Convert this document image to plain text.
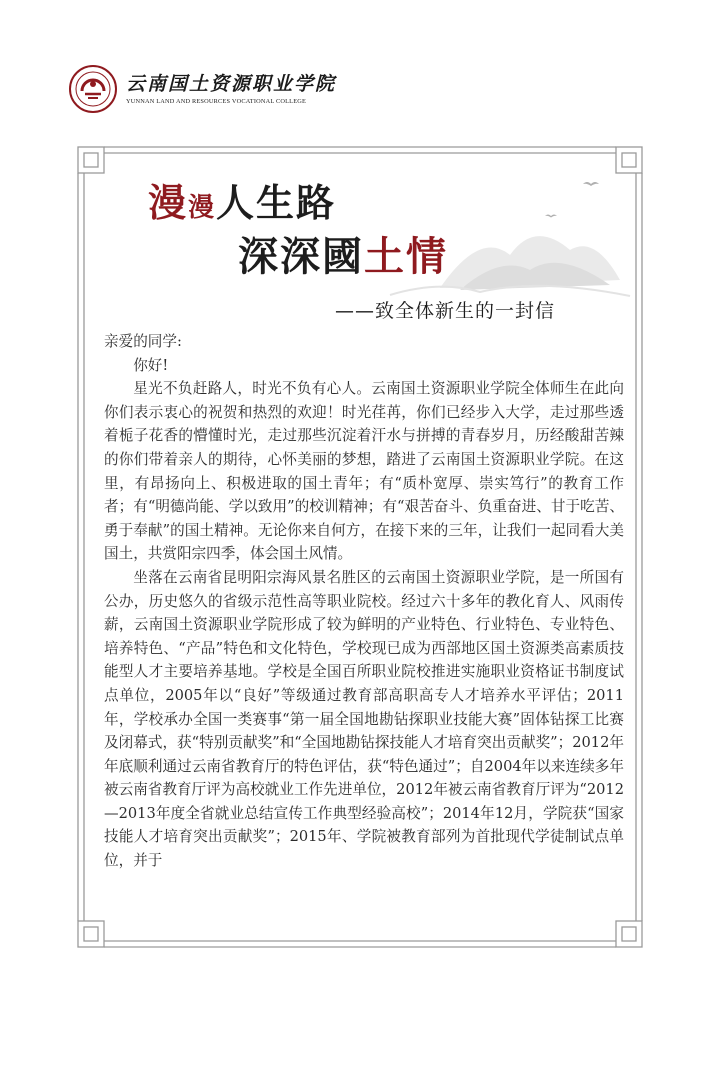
云南国土资源职业学院
YUNNAN LAND AND RESOURCES VOCATIONAL COLLEGE
漫漫人生路
深深國土情
——致全体新生的一封信

亲爱的同学:

你好!

星光不负赶路人，时光不负有心人。云南国土资源职业学院全体师生在此向你们表示衷心的祝贺和热烈的欢迎！时光荏苒，你们已经步入大学，走过那些透着栀子花香的懵懂时光，走过那些沉淀着汗水与拼搏的青春岁月，历经酸甜苦辣的你们带着亲人的期待，心怀美丽的梦想，踏进了云南国土资源职业学院。在这里，有昂扬向上、积极进取的国土青年；有“质朴宽厚、崇实笃行”的教育工作者；有“明德尚能、学以致用”的校训精神；有“艰苦奋斗、负重奋进、甘于吃苦、勇于奉献”的国土精神。无论你来自何方，在接下来的三年，让我们一起同看大美国土，共赏阳宗四季，体会国土风情。

坐落在云南省昆明阳宗海风景名胜区的云南国土资源职业学院，是一所国有公办，历史悠久的省级示范性高等职业院校。经过六十多年的教化育人、风雨传薪，云南国土资源职业学院形成了较为鲜明的产业特色、行业特色、专业特色、培养特色、“产品”特色和文化特色，学校现已成为西部地区国土资源类高素质技能型人才主要培养基地。学校是全国百所职业院校推进实施职业资格证书制度试点单位，2005年以“良好”等级通过教育部高职高专人才培养水平评估；2011年，学校承办全国一类赛事“第一届全国地勘钻探职业技能大赛”固体钻探工比赛及闭幕式，获“特别贡献奖”和“全国地勘钻探技能人才培育突出贡献奖”；2012年年底顺利通过云南省教育厅的特色评估，获“特色通过”；自2004年以来连续多年被云南省教育厅评为高校就业工作先进单位，2012年被云南省教育厅评为“2012—2013年度全省就业总结宣传工作典型经验高校”；2014年12月，学院获“国家技能人才培育突出贡献奖”；2015年、学院被教育部列为首批现代学徒制试点单位，并于
